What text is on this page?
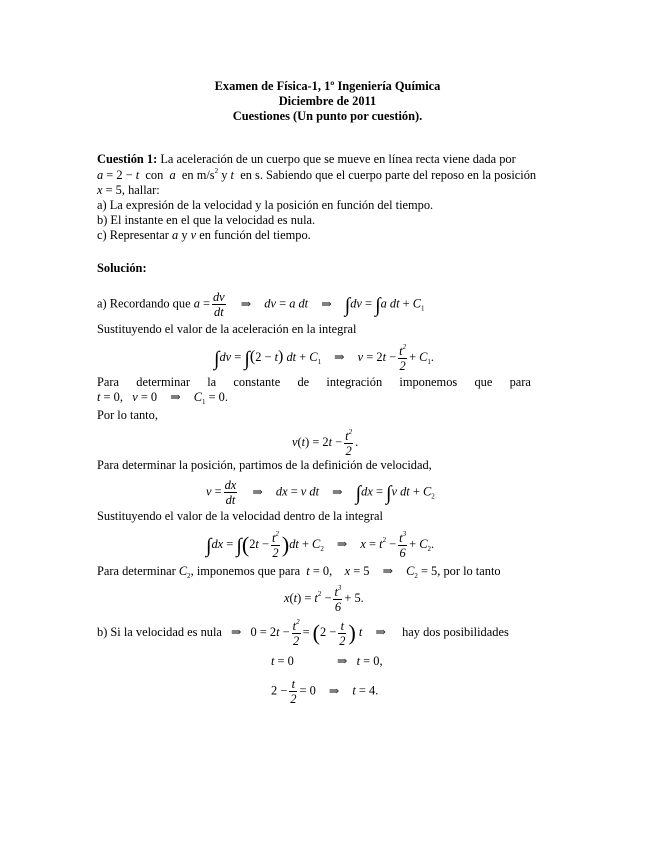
Examen de Física-1, 1º Ingeniería Química
Diciembre de 2011
Cuestiones (Un punto por cuestión).
Cuestión 1: La aceleración de un cuerpo que se mueve en línea recta viene dada por
a = 2 − t con a en $m/s^2$ y t en s. Sabiendo que el cuerpo parte del reposo en la posición
x = 5, hallar:
a) La expresión de la velocidad y la posición en función del tiempo.
b) El instante en el que la velocidad es nula.
c) Representar a y v en función del tiempo.
Solución:
a) Recordando que $a = \frac{dv}{dt}$ ⇒ dv = a dt ⇒ ∫dv = ∫a dt + $C_1$
Sustituyendo el valor de la aceleración en la integral
∫dv = ∫(2 − t) dt + $C_1$ ⇒ $v = 2t - \frac{t^2}{2} + C_1$.
Para determinar la constante de integración imponemos que para
t = 0,   v = 0 ⇒ $C_1 = 0$.
Por lo tanto,
$v(t) = 2t - \frac{t^2}{2}$ .
Para determinar la posición, partimos de la definición de velocidad,
$v = \frac{dx}{dt}$ ⇒ dx = v dt ⇒ ∫dx = ∫v dt + $C_2$
Sustituyendo el valor de la velocidad dentro de la integral
$\int dx = \int(2t - \frac{t^2}{2} )dt + C_2$ ⇒ $x = t^2 - \frac{t^3}{6} + C_2$.
Para determinar $C_2$, imponemos que para t = 0,    x = 5 ⇒ $C_2 = 5$, por lo tanto
$x(t) = t^2 - \frac{t^3}{6} + 5$.
b) Si la velocidad es nula ⇒ $0 = 2t - \frac{t^2}{2} = (2 - \frac{t}{2}$ ) t ⇒ hay dos posibilidades
t = 0	⇒ t = 0,
$2 - \frac{t}{2} = 0$ ⇒ t = 4.
